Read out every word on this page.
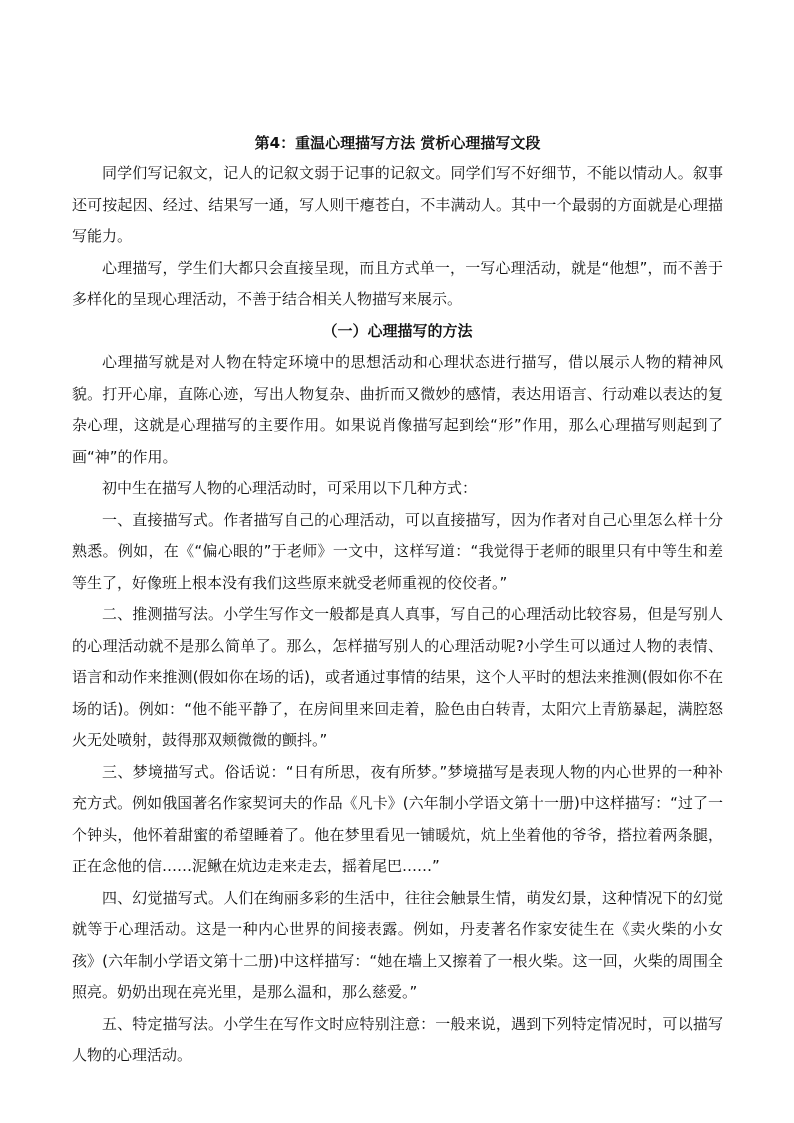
第4：重温心理描写方法 赏析心理描写文段

同学们写记叙文，记人的记叙文弱于记事的记叙文。同学们写不好细节，不能以情动人。叙事还可按起因、经过、结果写一通，写人则干瘪苍白，不丰满动人。其中一个最弱的方面就是心理描写能力。

心理描写，学生们大都只会直接呈现，而且方式单一，一写心理活动，就是“他想”，而不善于多样化的呈现心理活动，不善于结合相关人物描写来展示。

（一）心理描写的方法

心理描写就是对人物在特定环境中的思想活动和心理状态进行描写，借以展示人物的精神风貌。打开心扉，直陈心迹，写出人物复杂、曲折而又微妙的感情，表达用语言、行动难以表达的复杂心理，这就是心理描写的主要作用。如果说肖像描写起到绘“形”作用，那么心理描写则起到了画“神”的作用。

初中生在描写人物的心理活动时，可采用以下几种方式：

一、直接描写式。作者描写自己的心理活动，可以直接描写，因为作者对自己心里怎么样十分熟悉。例如，在《“偏心眼的”于老师》一文中，这样写道：“我觉得于老师的眼里只有中等生和差等生了，好像班上根本没有我们这些原来就受老师重视的佼佼者。”

二、推测描写法。小学生写作文一般都是真人真事，写自己的心理活动比较容易，但是写别人的心理活动就不是那么简单了。那么，怎样描写别人的心理活动呢?小学生可以通过人物的表情、语言和动作来推测(假如你在场的话)，或者通过事情的结果，这个人平时的想法来推测(假如你不在场的话)。例如：“他不能平静了，在房间里来回走着，脸色由白转青，太阳穴上青筋暴起，满腔怒火无处喷射，鼓得那双颊微微的颤抖。”

三、梦境描写式。俗话说：“日有所思，夜有所梦。”梦境描写是表现人物的内心世界的一种补充方式。例如俄国著名作家契诃夫的作品《凡卡》(六年制小学语文第十一册)中这样描写：“过了一个钟头，他怀着甜蜜的希望睡着了。他在梦里看见一铺暖炕，炕上坐着他的爷爷，搭拉着两条腿，正在念他的信……泥鳅在炕边走来走去，摇着尾巴……”

四、幻觉描写式。人们在绚丽多彩的生活中，往往会触景生情，萌发幻景，这种情况下的幻觉就等于心理活动。这是一种内心世界的间接表露。例如，丹麦著名作家安徒生在《卖火柴的小女孩》(六年制小学语文第十二册)中这样描写：“她在墙上又擦着了一根火柴。这一回，火柴的周围全照亮。奶奶出现在亮光里，是那么温和，那么慈爱。”

五、特定描写法。小学生在写作文时应特别注意：一般来说，遇到下列特定情况时，可以描写人物的心理活动。
